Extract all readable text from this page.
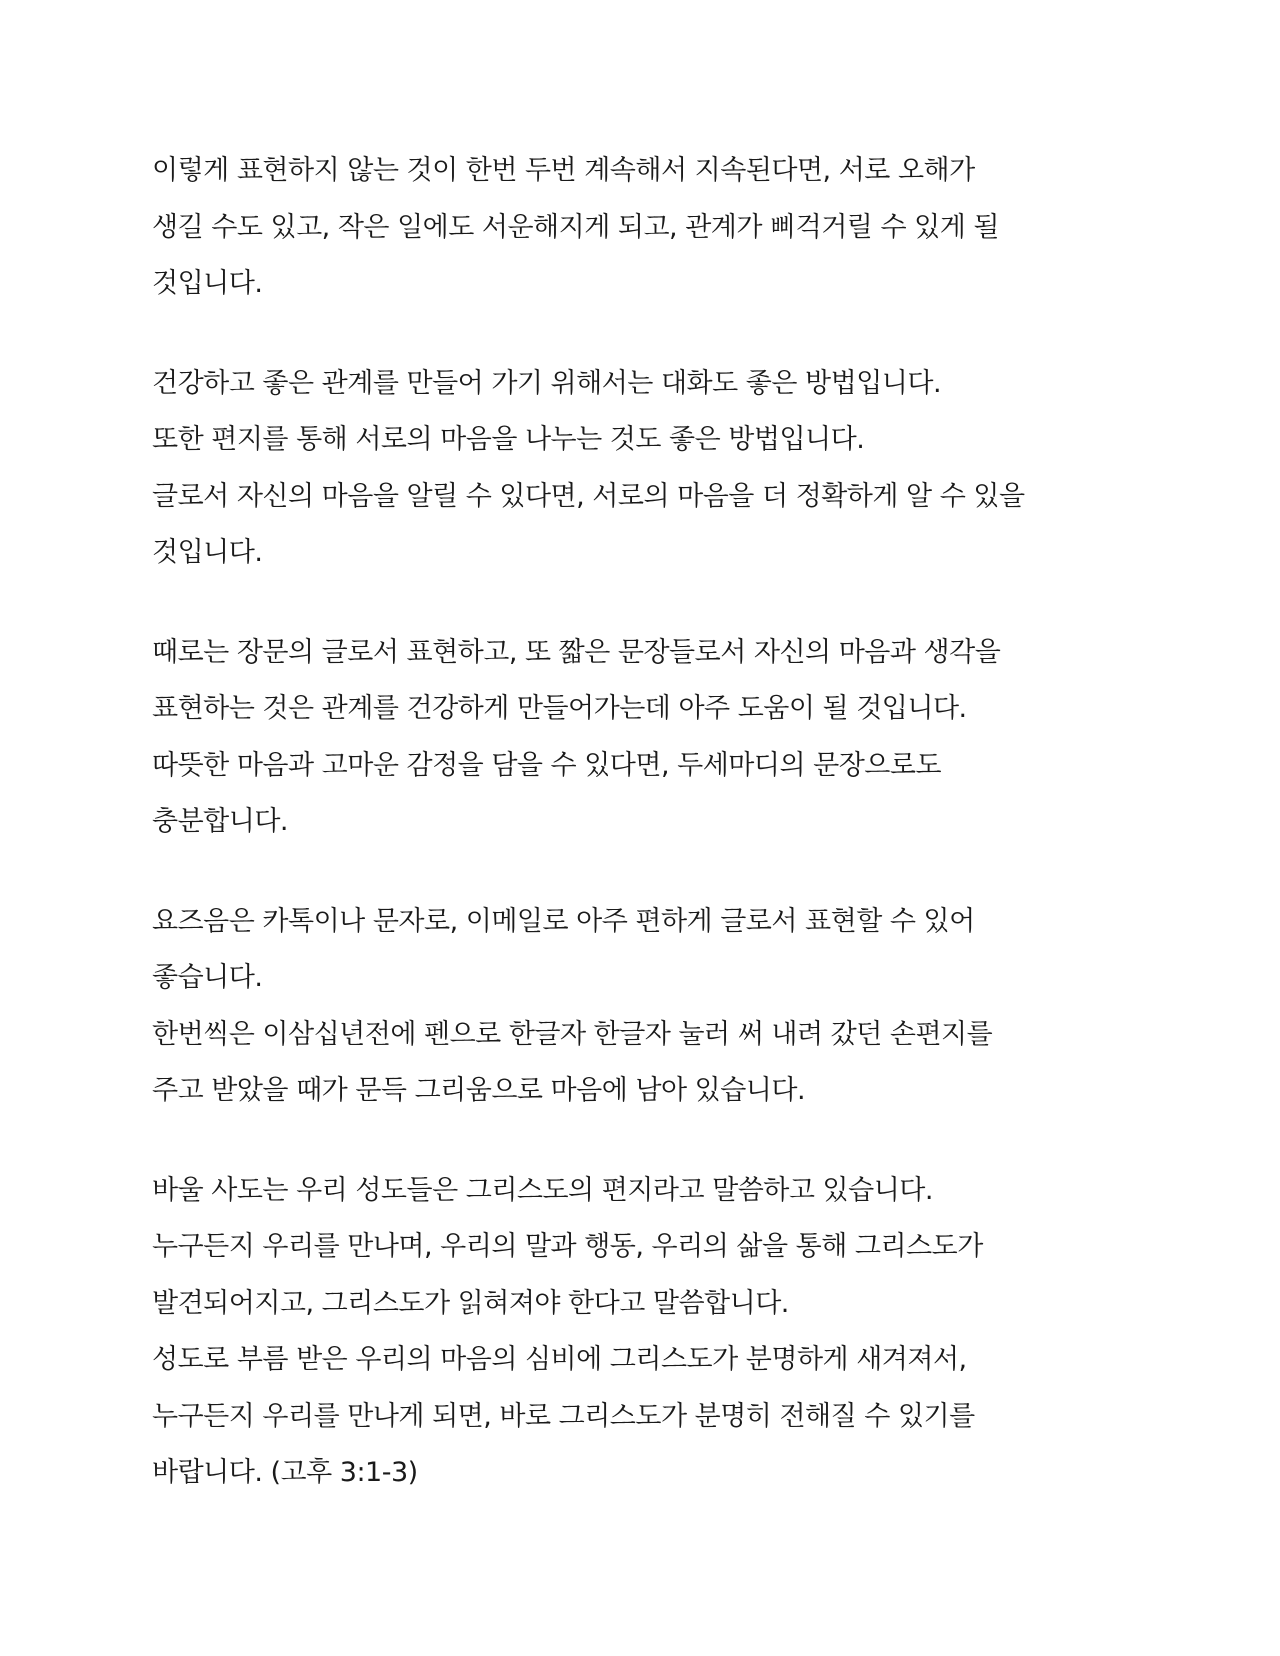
이렇게 표현하지 않는 것이 한번 두번 계속해서 지속된다면, 서로 오해가
생길 수도 있고, 작은 일에도 서운해지게 되고, 관계가 삐걱거릴 수 있게 될
것입니다.
건강하고 좋은 관계를 만들어 가기 위해서는 대화도 좋은 방법입니다.
또한 편지를 통해 서로의 마음을 나누는 것도 좋은 방법입니다.
글로서 자신의 마음을 알릴 수 있다면, 서로의 마음을 더 정확하게 알 수 있을
것입니다.
때로는 장문의 글로서 표현하고, 또 짧은 문장들로서 자신의 마음과 생각을
표현하는 것은 관계를 건강하게 만들어가는데 아주 도움이 될 것입니다.
따뜻한 마음과 고마운 감정을 담을 수 있다면, 두세마디의 문장으로도
충분합니다.
요즈음은 카톡이나 문자로, 이메일로 아주 편하게 글로서 표현할 수 있어
좋습니다.
한번씩은 이삼십년전에 펜으로 한글자 한글자 눌러 써 내려 갔던 손편지를
주고 받았을 때가 문득 그리움으로 마음에 남아 있습니다.
바울 사도는 우리 성도들은 그리스도의 편지라고 말씀하고 있습니다.
누구든지 우리를 만나며, 우리의 말과 행동, 우리의 삶을 통해 그리스도가
발견되어지고, 그리스도가 읽혀져야 한다고 말씀합니다.
성도로 부름 받은 우리의 마음의 심비에 그리스도가 분명하게 새겨져서,
누구든지 우리를 만나게 되면, 바로 그리스도가 분명히 전해질 수 있기를
바랍니다. (고후 3:1-3)
